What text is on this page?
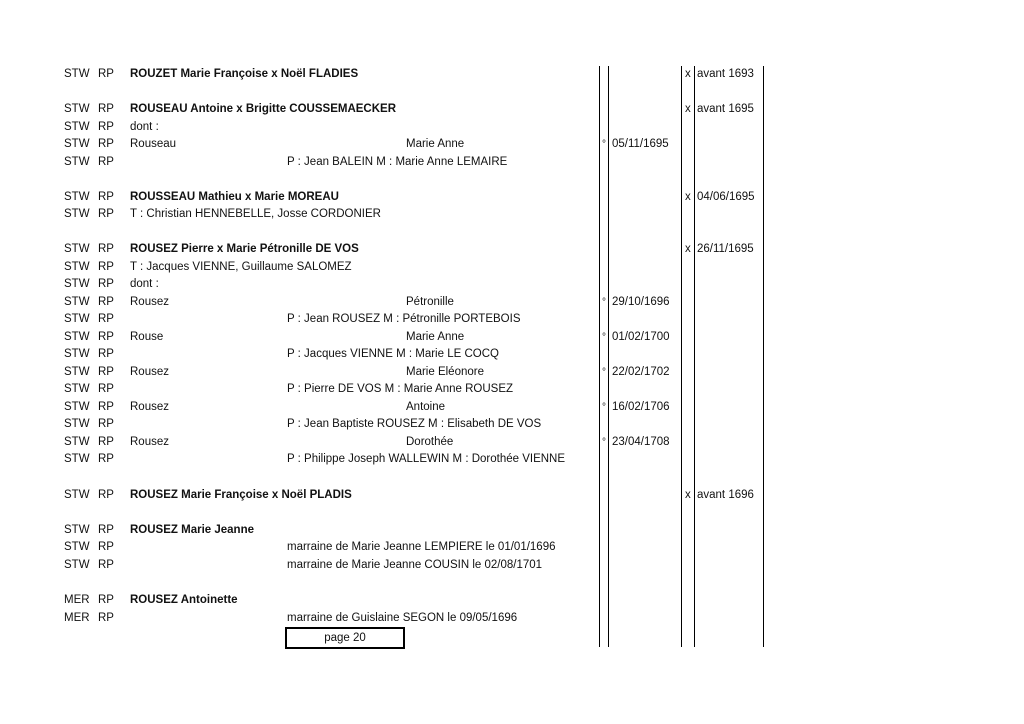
STW RP ROUZET Marie Françoise x Noël FLADIES	x avant 1693
STW RP ROUSEAU Antoine x Brigitte COUSSEMAECKER	x avant 1695
STW RP dont :
STW RP Rouseau	Marie Anne	° 05/11/1695
STW RP	P : Jean BALEIN M : Marie Anne LEMAIRE
STW RP ROUSSEAU Mathieu x Marie MOREAU	x 04/06/1695
STW RP T : Christian HENNEBELLE, Josse CORDONIER
STW RP ROUSEZ Pierre x Marie Pétronille DE VOS	x 26/11/1695
STW RP T : Jacques VIENNE, Guillaume SALOMEZ
STW RP dont :
STW RP Rousez	Pétronille	° 29/10/1696
STW RP	P : Jean ROUSEZ M : Pétronille PORTEBOIS
STW RP Rouse	Marie Anne	° 01/02/1700
STW RP	P : Jacques VIENNE M : Marie LE COCQ
STW RP Rousez	Marie Eléonore	° 22/02/1702
STW RP	P : Pierre DE VOS M : Marie Anne ROUSEZ
STW RP Rousez	Antoine	° 16/02/1706
STW RP	P : Jean Baptiste ROUSEZ M : Elisabeth DE VOS
STW RP Rousez	Dorothée	° 23/04/1708
STW RP	P : Philippe Joseph WALLEWIN M : Dorothée VIENNE
STW RP ROUSEZ Marie Françoise x Noël PLADIS	x avant 1696
STW RP ROUSEZ Marie Jeanne
STW RP	marraine de Marie Jeanne LEMPIERE le 01/01/1696
STW RP	marraine de Marie Jeanne COUSIN le 02/08/1701
MER RP ROUSEZ Antoinette
MER RP	marraine de Guislaine SEGON le 09/05/1696
page 20
